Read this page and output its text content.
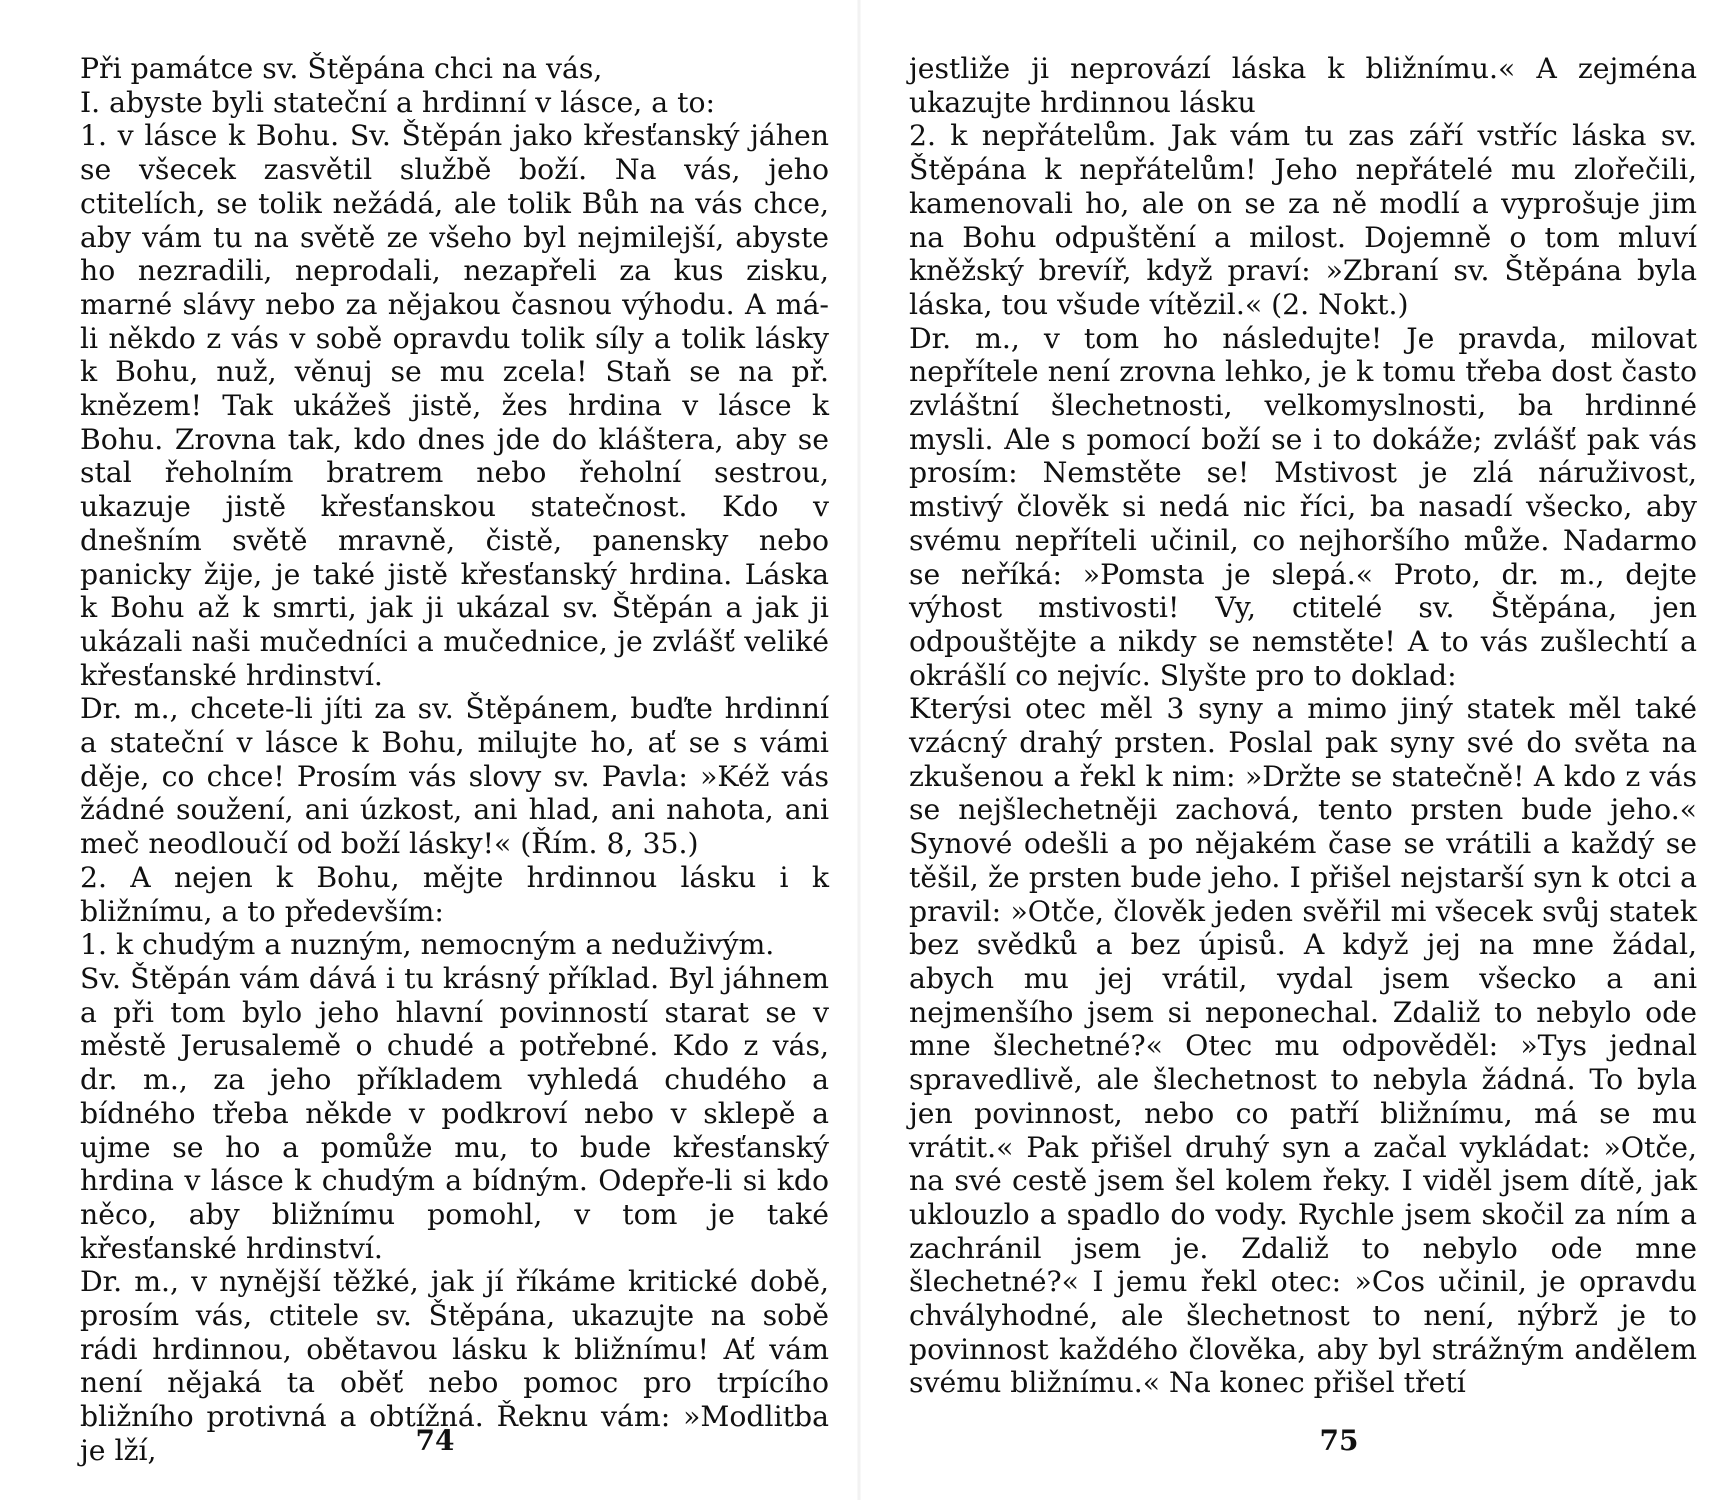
Při památce sv. Štěpána chci na vás,

I. abyste byli stateční a hrdinní v lásce, a to:

1. v lásce k Bohu. Sv. Štěpán jako křesťanský jáhen se všecek zasvětil službě boží. Na vás, jeho ctitelích, se tolik nežádá, ale tolik Bůh na vás chce, aby vám tu na světě ze všeho byl nejmilejší, abyste ho nezradili, neprodali, nezapřeli za kus zisku, marné slávy nebo za nějakou časnou výhodu. A má-li někdo z vás v sobě opravdu tolik síly a tolik lásky k Bohu, nuž, věnuj se mu zcela! Staň se na př. knězem! Tak ukážeš jistě, žes hrdina v lásce k Bohu. Zrovna tak, kdo dnes jde do kláštera, aby se stal řeholním bratrem nebo řeholní sestrou, ukazuje jistě křesťanskou statečnost. Kdo v dnešním světě mravně, čistě, panensky nebo panicky žije, je také jistě křesťanský hrdina. Láska k Bohu až k smrti, jak ji ukázal sv. Štěpán a jak ji ukázali naši mučedníci a mučednice, je zvlášť veliké křesťanské hrdinství.

Dr. m., chcete-li jíti za sv. Štěpánem, buďte hrdinní a stateční v lásce k Bohu, milujte ho, ať se s vámi děje, co chce! Prosím vás slovy sv. Pavla: »Kéž vás žádné soužení, ani úzkost, ani hlad, ani nahota, ani meč neodloučí od boží lásky!« (Řím. 8, 35.)

2. A nejen k Bohu, mějte hrdinnou lásku i k bližnímu, a to především:

1. k chudým a nuzným, nemocným a neduživým.

Sv. Štěpán vám dává i tu krásný příklad. Byl jáhnem a při tom bylo jeho hlavní povinností starat se v městě Jerusalemě o chudé a potřebné. Kdo z vás, dr. m., za jeho příkladem vyhledá chudého a bídného třeba někde v podkroví nebo v sklepě a ujme se ho a pomůže mu, to bude křesťanský hrdina v lásce k chudým a bídným. Odepře-li si kdo něco, aby bližnímu pomohl, v tom je také křesťanské hrdinství.

Dr. m., v nynější těžké, jak jí říkáme kritické době, prosím vás, ctitele sv. Štěpána, ukazujte na sobě rádi hrdinnou, obětavou lásku k bližnímu! Ať vám není nějaká ta oběť nebo pomoc pro trpícího bližního protivná a obtížná. Řeknu vám: »Modlitba je lží,	74

jestliže ji neprovází láska k bližnímu.« A zejména ukazujte hrdinnou lásku

2. k nepřátelům. Jak vám tu zas září vstříc láska sv. Štěpána k nepřátelům! Jeho nepřátelé mu zlořečili, kamenovali ho, ale on se za ně modlí a vyprošuje jim na Bohu odpuštění a milost. Dojemně o tom mluví kněžský brevíř, když praví: »Zbraní sv. Štěpána byla láska, tou všude vítězil.« (2. Nokt.)

Dr. m., v tom ho následujte! Je pravda, milovat nepřítele není zrovna lehko, je k tomu třeba dost často zvláštní šlechetnosti, velkomyslnosti, ba hrdinné mysli. Ale s pomocí boží se i to dokáže; zvlášť pak vás prosím: Nemstěte se! Mstivost je zlá náruživost, mstivý člověk si nedá nic říci, ba nasadí všecko, aby svému nepříteli učinil, co nejhoršího může. Nadarmo se neříká: »Pomsta je slepá.« Proto, dr. m., dejte výhost mstivosti! Vy, ctitelé sv. Štěpána, jen odpouštějte a nikdy se nemstěte! A to vás zušlechtí a okrášlí co nejvíc. Slyšte pro to doklad:

Kterýsi otec měl 3 syny a mimo jiný statek měl také vzácný drahý prsten. Poslal pak syny své do světa na zkušenou a řekl k nim: »Držte se statečně! A kdo z vás se nejšlechetněji zachová, tento prsten bude jeho.« Synové odešli a po nějakém čase se vrátili a každý se těšil, že prsten bude jeho. I přišel nejstarší syn k otci a pravil: »Otče, člověk jeden svěřil mi všecek svůj statek bez svědků a bez úpisů. A když jej na mne žádal, abych mu jej vrátil, vydal jsem všecko a ani nejmenšího jsem si neponechal. Zdaliž to nebylo ode mne šlechetné?« Otec mu odpověděl: »Tys jednal spravedlivě, ale šlechetnost to nebyla žádná. To byla jen povinnost, nebo co patří bližnímu, má se mu vrátit.« Pak přišel druhý syn a začal vykládat: »Otče, na své cestě jsem šel kolem řeky. I viděl jsem dítě, jak uklouzlo a spadlo do vody. Rychle jsem skočil za ním a zachránil jsem je. Zdaliž to nebylo ode mne šlechetné?« I jemu řekl otec: »Cos učinil, je opravdu chvályhodné, ale šlechetnost to není, nýbrž je to povinnost každého člověka, aby byl strážným andělem svému bližnímu.« Na konec přišel třetí

75
